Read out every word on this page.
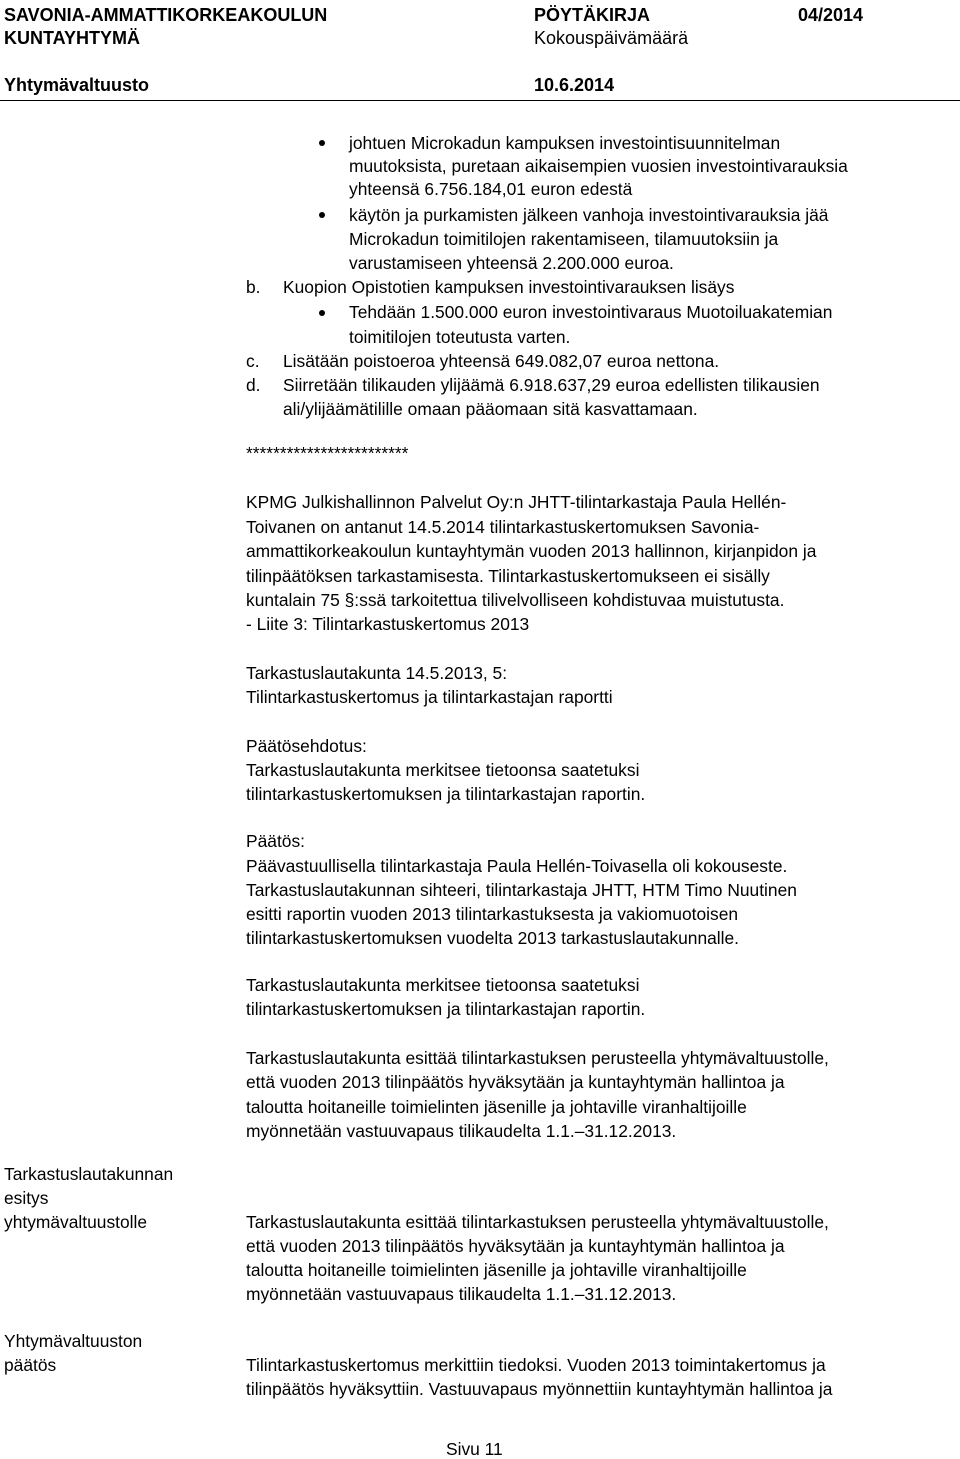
SAVONIA-AMMATTIKORKEAKOULUN
KUNTAYHTYMÄ
PÖYTÄKIRJA	04/2014
Kokouspäivämäärä
Yhtymävaltuusto	10.6.2014
johtuen Microkadun kampuksen investointisuunnitelman
muutoksista, puretaan aikaisempien vuosien investointivarauksia
yhteensä 6.756.184,01 euron edestä
käytön ja purkamisten jälkeen vanhoja investointivarauksia jää
Microkadun toimitilojen rakentamiseen, tilamuutoksiin ja
varustamiseen yhteensä 2.200.000 euroa.
b. Kuopion Opistotien kampuksen investointivarauksen lisäys
Tehdään 1.500.000 euron investointivaraus Muotoiluakatemian
toimitilojen toteutusta varten.
c. Lisätään poistoeroa yhteensä 649.082,07 euroa nettona.
d. Siirretään tilikauden ylijäämä 6.918.637,29 euroa edellisten tilikausien
ali/ylijäämätilille omaan pääomaan sitä kasvattamaan.
************************
KPMG Julkishallinnon Palvelut Oy:n JHTT-tilintarkastaja Paula Hellén-
Toivanen on antanut 14.5.2014 tilintarkastuskertomuksen Savonia-
ammattikorkeakoulun kuntayhtymän vuoden 2013 hallinnon, kirjanpidon ja
tilinpäätöksen tarkastamisesta. Tilintarkastuskertomukseen ei sisälly
kuntalain 75 §:ssä tarkoitettua tilivelvolliseen kohdistuvaa muistutusta.
- Liite 3: Tilintarkastuskertomus 2013
Tarkastuslautakunta 14.5.2013, 5:
Tilintarkastuskertomus ja tilintarkastajan raportti
Päätösehdotus:
Tarkastuslautakunta merkitsee tietoonsa saatetuksi
tilintarkastuskertomuksen ja tilintarkastajan raportin.
Päätös:
Päävastuullisella tilintarkastaja Paula Hellén-Toivasella oli kokouseste.
Tarkastuslautakunnan sihteeri, tilintarkastaja JHTT, HTM Timo Nuutinen
esitti raportin vuoden 2013 tilintarkastuksesta ja vakiomuotoisen
tilintarkastuskertomuksen vuodelta 2013 tarkastuslautakunnalle.
Tarkastuslautakunta merkitsee tietoonsa saatetuksi
tilintarkastuskertomuksen ja tilintarkastajan raportin.
Tarkastuslautakunta esittää tilintarkastuksen perusteella yhtymävaltuustolle,
että vuoden 2013 tilinpäätös hyväksytään ja kuntayhtymän hallintoa ja
taloutta hoitaneille toimielinten jäsenille ja johtaville viranhaltijoille
myönnetään vastuuvapaus tilikaudelta 1.1.–31.12.2013.
Tarkastuslautakunnan
esitys
yhtymävaltuustolle	Tarkastuslautakunta esittää tilintarkastuksen perusteella yhtymävaltuustolle,
että vuoden 2013 tilinpäätös hyväksytään ja kuntayhtymän hallintoa ja
taloutta hoitaneille toimielinten jäsenille ja johtaville viranhaltijoille
myönnetään vastuuvapaus tilikaudelta 1.1.–31.12.2013.
Yhtymävaltuuston
päätös	Tilintarkastuskertomus merkittiin tiedoksi. Vuoden 2013 toimintakertomus ja
tilinpäätös hyväksyttiin. Vastuuvapaus myönnettiin kuntayhtymän hallintoa ja
Sivu 11
